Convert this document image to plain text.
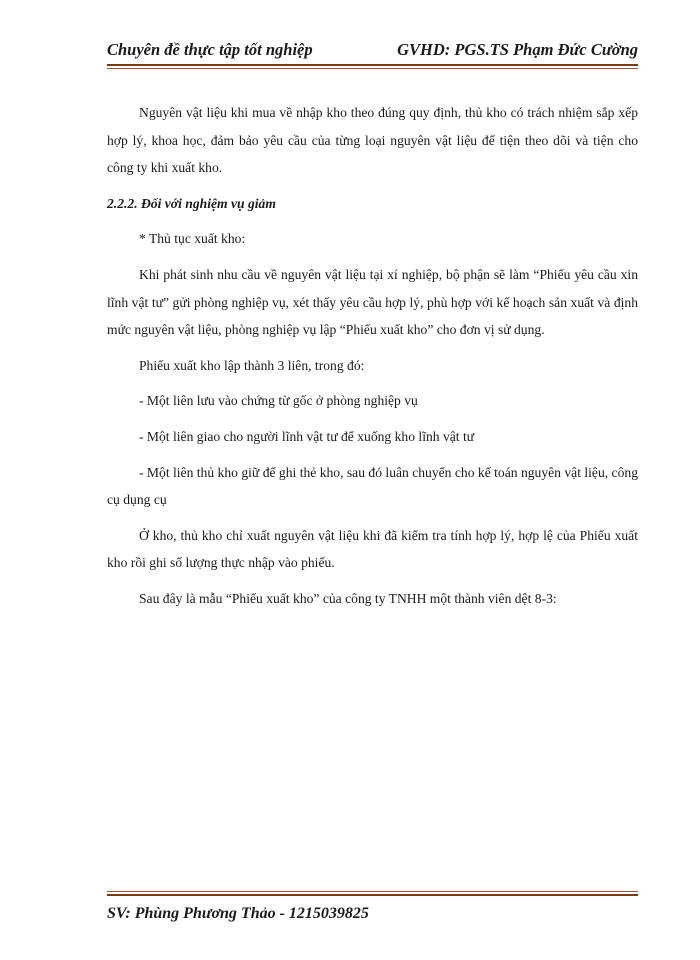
Chuyên đề thực tập tốt nghiệp	GVHD: PGS.TS Phạm Đức Cường

Nguyên vật liệu khi mua về nhập kho theo đúng quy định, thủ kho có trách nhiệm sắp xếp hợp lý, khoa học, đảm bảo yêu cầu của từng loại nguyên vật liệu để tiện theo dõi và tiện cho công ty khi xuất kho.

2.2.2. Đối với nghiệm vụ giảm

* Thủ tục xuất kho:

Khi phát sinh nhu cầu về nguyên vật liệu tại xí nghiệp, bộ phận sẽ làm “Phiếu yêu cầu xin lĩnh vật tư” gửi phòng nghiệp vụ, xét thấy yêu cầu hợp lý, phù hợp với kế hoạch sản xuất và định mức nguyên vật liệu, phòng nghiệp vụ lập “Phiếu xuất kho” cho đơn vị sử dụng.

Phiếu xuất kho lập thành 3 liên, trong đó:

- Một liên lưu vào chứng từ gốc ở phòng nghiệp vụ

- Một liên giao cho người lĩnh vật tư để xuống kho lĩnh vật tư

- Một liên thủ kho giữ để ghi thẻ kho, sau đó luân chuyển cho kế toán nguyên vật liệu, công cụ dụng cụ

Ở kho, thủ kho chỉ xuất nguyên vật liệu khi đã kiểm tra tính hợp lý, hợp lệ của Phiếu xuất kho rồi ghi số lượng thực nhập vào phiếu.

Sau đây là mẫu “Phiếu xuất kho” của công ty TNHH một thành viên dệt 8-3:

SV: Phùng Phương Thảo - 1215039825
